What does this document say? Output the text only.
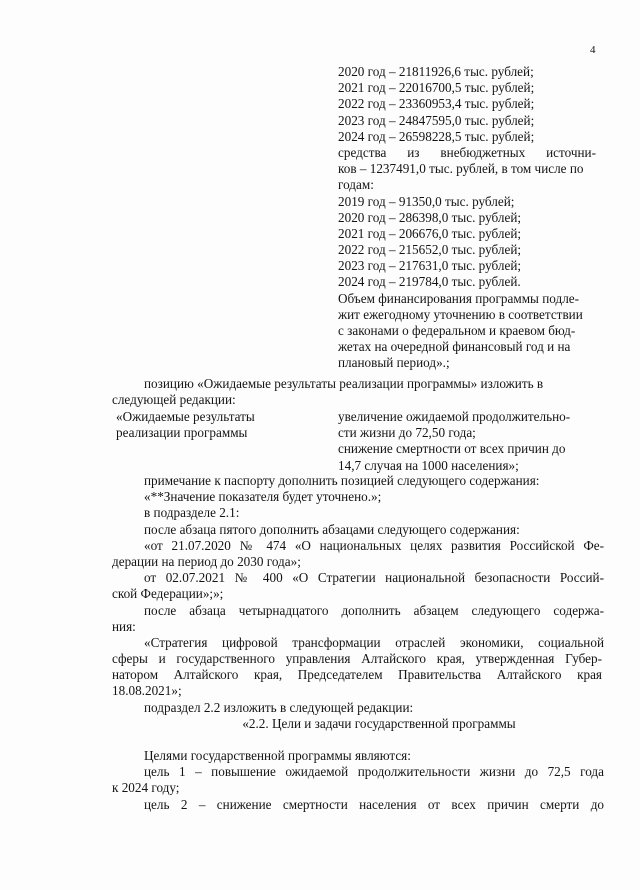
4
2020 год – 21811926,6 тыс. рублей;
2021 год – 22016700,5 тыс. рублей;
2022 год – 23360953,4 тыс. рублей;
2023 год – 24847595,0 тыс. рублей;
2024 год – 26598228,5 тыс. рублей;
средства из внебюджетных источни-
ков – 1237491,0 тыс. рублей, в том числе по
годам:
2019 год – 91350,0 тыс. рублей;
2020 год – 286398,0 тыс. рублей;
2021 год – 206676,0 тыс. рублей;
2022 год – 215652,0 тыс. рублей;
2023 год – 217631,0 тыс. рублей;
2024 год – 219784,0 тыс. рублей.
Объем финансирования программы подле-
жит ежегодному уточнению в соответствии
с законами о федеральном и краевом бюд-
жетах на очередной финансовый год и на
плановый период».;
позицию «Ожидаемые результаты реализации программы» изложить в
следующей редакции:
«Ожидаемые результаты
реализации программы
увеличение ожидаемой продолжительно-
сти жизни до 72,50 года;
снижение смертности от всех причин до
14,7 случая на 1000 населения»;
примечание к паспорту дополнить позицией следующего содержания:
«**Значение показателя будет уточнено.»;
в подразделе 2.1:
после абзаца пятого дополнить абзацами следующего содержания:
«от 21.07.2020 № 474 «О национальных целях развития Российской Фе-
дерации на период до 2030 года»;
от 02.07.2021 № 400 «О Стратегии национальной безопасности Россий-
ской Федерации»;»;
после абзаца четырнадцатого дополнить абзацем следующего содержа-
ния:
«Стратегия цифровой трансформации отраслей экономики, социальной
сферы и государственного управления Алтайского края, утвержденная Губер-
натором Алтайского края, Председателем Правительства Алтайского края
18.08.2021»;
подраздел 2.2 изложить в следующей редакции:
«2.2. Цели и задачи государственной программы
Целями государственной программы являются:
цель 1 – повышение ожидаемой продолжительности жизни до 72,5 года
к 2024 году;
цель 2 – снижение смертности населения от всех причин смерти до
